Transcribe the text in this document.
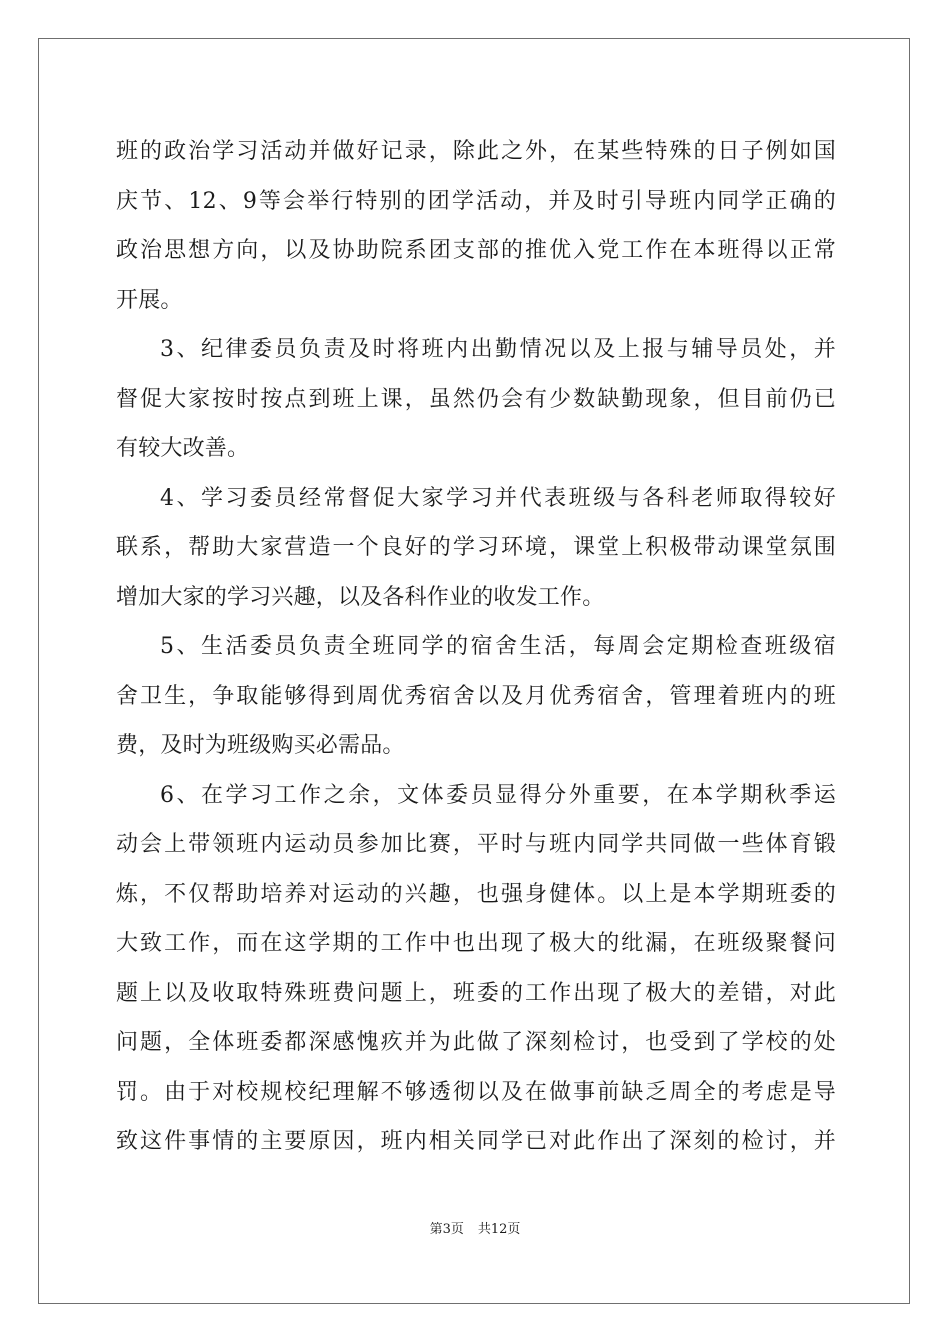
班的政治学习活动并做好记录，除此之外，在某些特殊的日子例如国
庆节、12、9等会举行特别的团学活动，并及时引导班内同学正确的
政治思想方向，以及协助院系团支部的推优入党工作在本班得以正常
开展。
3、纪律委员负责及时将班内出勤情况以及上报与辅导员处，并
督促大家按时按点到班上课，虽然仍会有少数缺勤现象，但目前仍已
有较大改善。
4、学习委员经常督促大家学习并代表班级与各科老师取得较好
联系，帮助大家营造一个良好的学习环境，课堂上积极带动课堂氛围
增加大家的学习兴趣，以及各科作业的收发工作。
5、生活委员负责全班同学的宿舍生活，每周会定期检查班级宿
舍卫生，争取能够得到周优秀宿舍以及月优秀宿舍，管理着班内的班
费，及时为班级购买必需品。
6、在学习工作之余，文体委员显得分外重要，在本学期秋季运
动会上带领班内运动员参加比赛，平时与班内同学共同做一些体育锻
炼，不仅帮助培养对运动的兴趣，也强身健体。以上是本学期班委的
大致工作，而在这学期的工作中也出现了极大的纰漏，在班级聚餐问
题上以及收取特殊班费问题上，班委的工作出现了极大的差错，对此
问题，全体班委都深感愧疚并为此做了深刻检讨，也受到了学校的处
罚。由于对校规校纪理解不够透彻以及在做事前缺乏周全的考虑是导
致这件事情的主要原因，班内相关同学已对此作出了深刻的检讨，并
第3页 共12页
